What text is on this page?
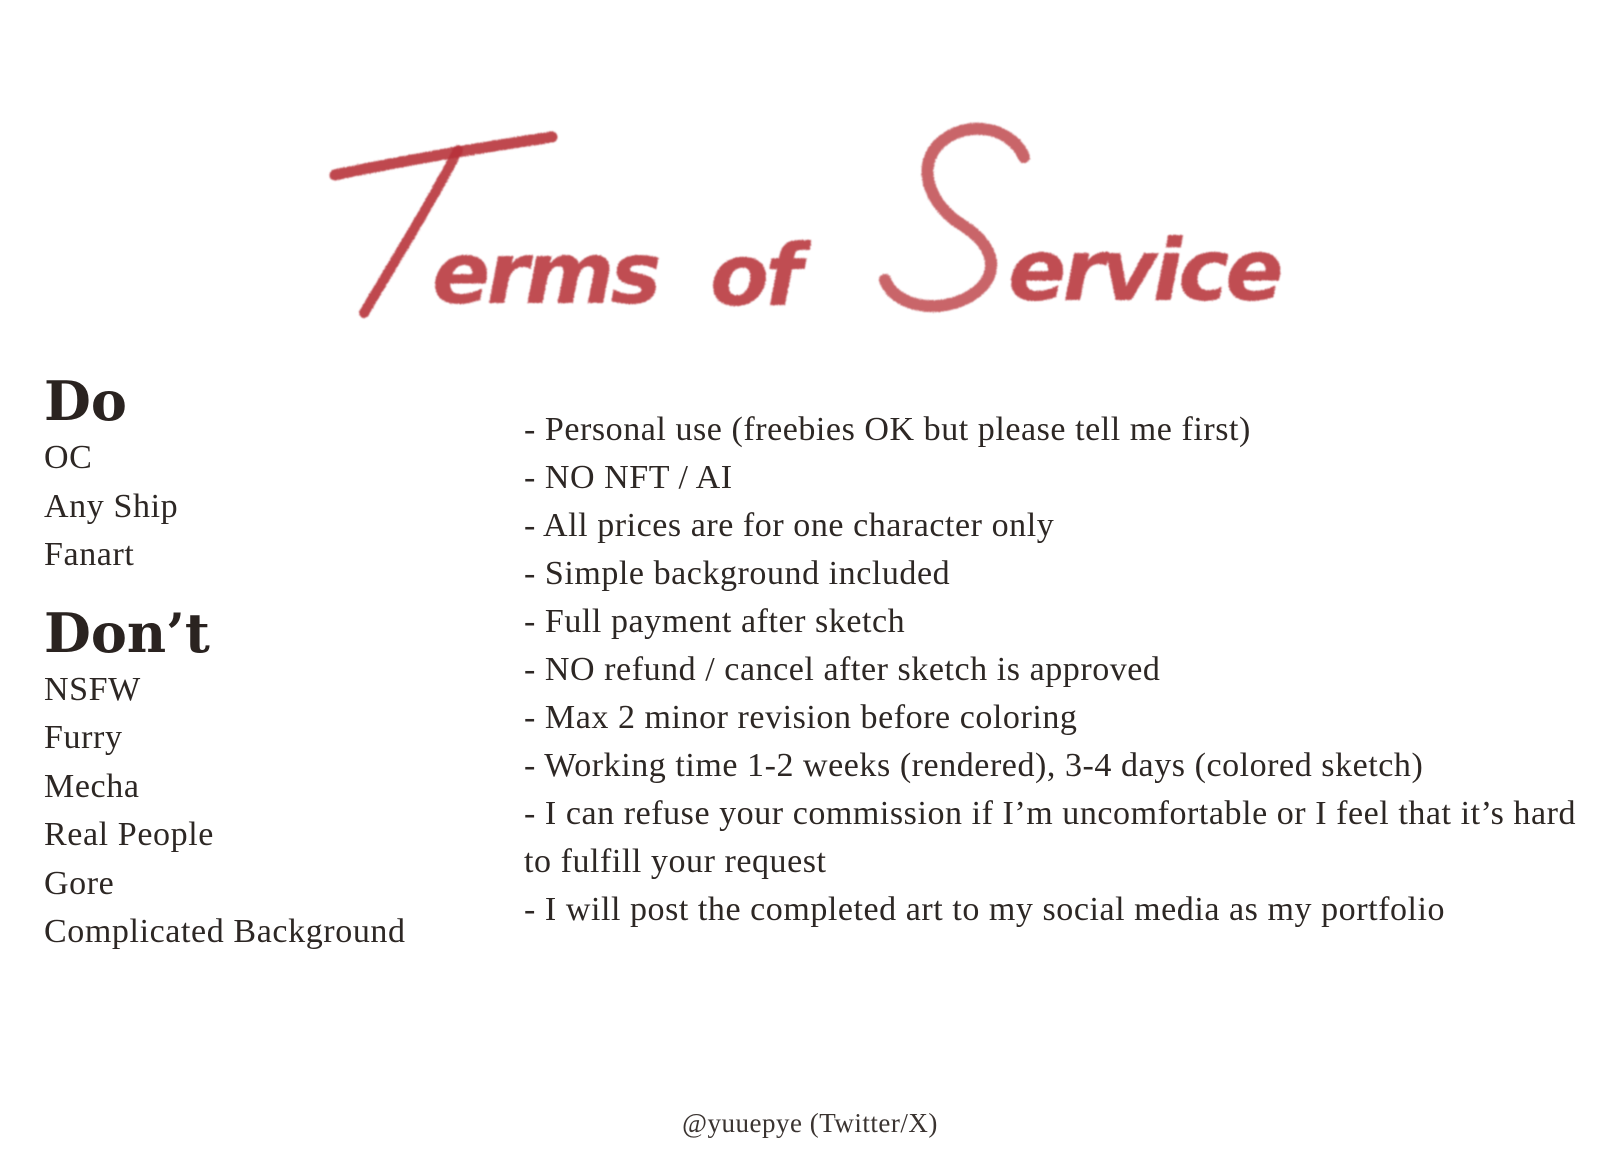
erms of ervice
Do
OC
Any Ship
Fanart
Don’t
NSFW
Furry
Mecha
Real People
Gore
Complicated Background
- Personal use (freebies OK but please tell me first)
- NO NFT / AI
- All prices are for one character only
- Simple background included
- Full payment after sketch
- NO refund / cancel after sketch is approved
- Max 2 minor revision before coloring
- Working time 1-2 weeks (rendered), 3-4 days (colored sketch)
- I can refuse your commission if I’m uncomfortable or I feel that it’s hard to fulfill your request
- I will post the completed art to my social media as my portfolio
@yuuepye (Twitter/X)
